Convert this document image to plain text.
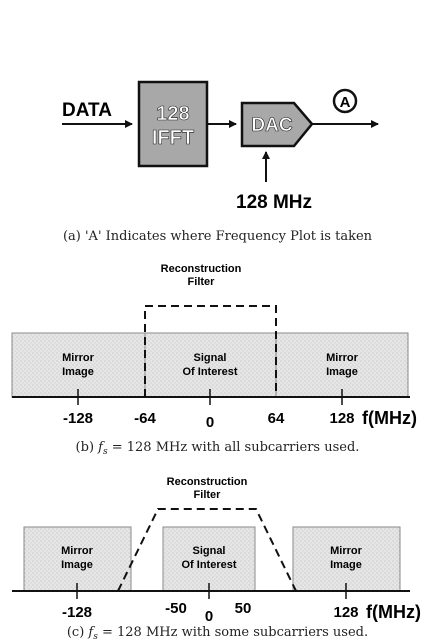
DATA 128
IFFT
DAC
A
128 MHz
(a) 'A' Indicates where Frequency Plot is taken
Reconstruction
Filter
Mirror
Image
Signal
Of Interest
Mirror
Image
-128	-64	0	64	128 f(MHz)
(b) $f_s = 128$ MHz with all subcarriers used.
Reconstruction
Filter
Mirror
Image
Signal
Of Interest
Mirror
Image
-128	-50 0 50	128 f(MHz)
(c) $f_s = 128$ MHz with some subcarriers used.
